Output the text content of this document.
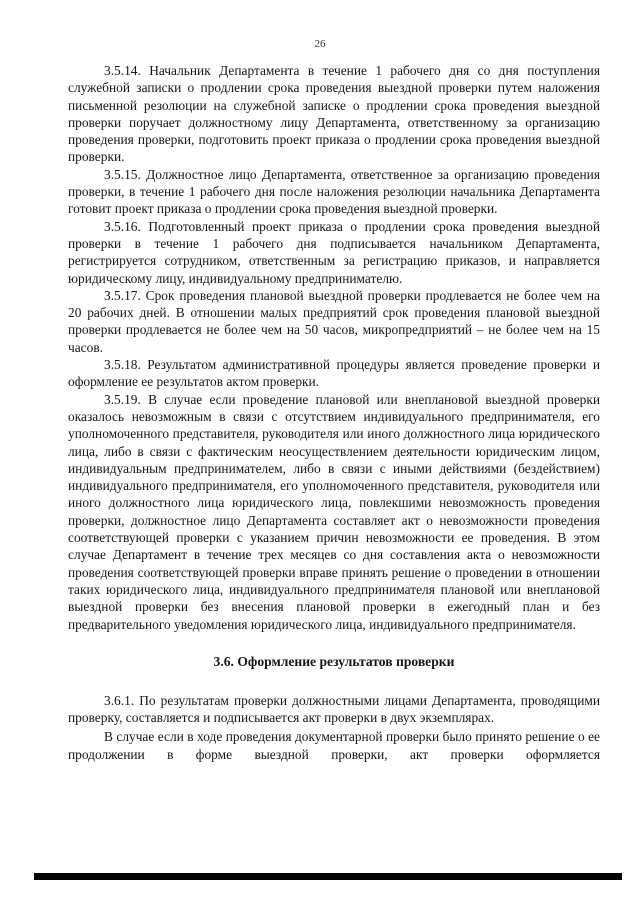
26

3.5.14. Начальник Департамента в течение 1 рабочего дня со дня поступления служебной записки о продлении срока проведения выездной проверки путем наложения письменной резолюции на служебной записке о продлении срока проведения выездной проверки поручает должностному лицу Департамента, ответственному за организацию проведения проверки, подготовить проект приказа о продлении срока проведения выездной проверки.

3.5.15. Должностное лицо Департамента, ответственное за организацию проведения проверки, в течение 1 рабочего дня после наложения резолюции начальника Департамента готовит проект приказа о продлении срока проведения выездной проверки.

3.5.16. Подготовленный проект приказа о продлении срока проведения выездной проверки в течение 1 рабочего дня подписывается начальником Департамента, регистрируется сотрудником, ответственным за регистрацию приказов, и направляется юридическому лицу, индивидуальному предпринимателю.

3.5.17. Срок проведения плановой выездной проверки продлевается не более чем на 20 рабочих дней. В отношении малых предприятий срок проведения плановой выездной проверки продлевается не более чем на 50 часов, микропредприятий – не более чем на 15 часов.

3.5.18. Результатом административной процедуры является проведение проверки и оформление ее результатов актом проверки.

3.5.19. В случае если проведение плановой или внеплановой выездной проверки оказалось невозможным в связи с отсутствием индивидуального предпринимателя, его уполномоченного представителя, руководителя или иного должностного лица юридического лица, либо в связи с фактическим неосуществлением деятельности юридическим лицом, индивидуальным предпринимателем, либо в связи с иными действиями (бездействием) индивидуального предпринимателя, его уполномоченного представителя, руководителя или иного должностного лица юридического лица, повлекшими невозможность проведения проверки, должностное лицо Департамента составляет акт о невозможности проведения соответствующей проверки с указанием причин невозможности ее проведения. В этом случае Департамент в течение трех месяцев со дня составления акта о невозможности проведения соответствующей проверки вправе принять решение о проведении в отношении таких юридического лица, индивидуального предпринимателя плановой или внеплановой выездной проверки без внесения плановой проверки в ежегодный план и без предварительного уведомления юридического лица, индивидуального предпринимателя.

3.6. Оформление результатов проверки

3.6.1. По результатам проверки должностными лицами Департамента, проводящими проверку, составляется и подписывается акт проверки в двух экземплярах.

В случае если в ходе проведения документарной проверки было принято решение о ее продолжении в форме выездной проверки, акт проверки оформляется
